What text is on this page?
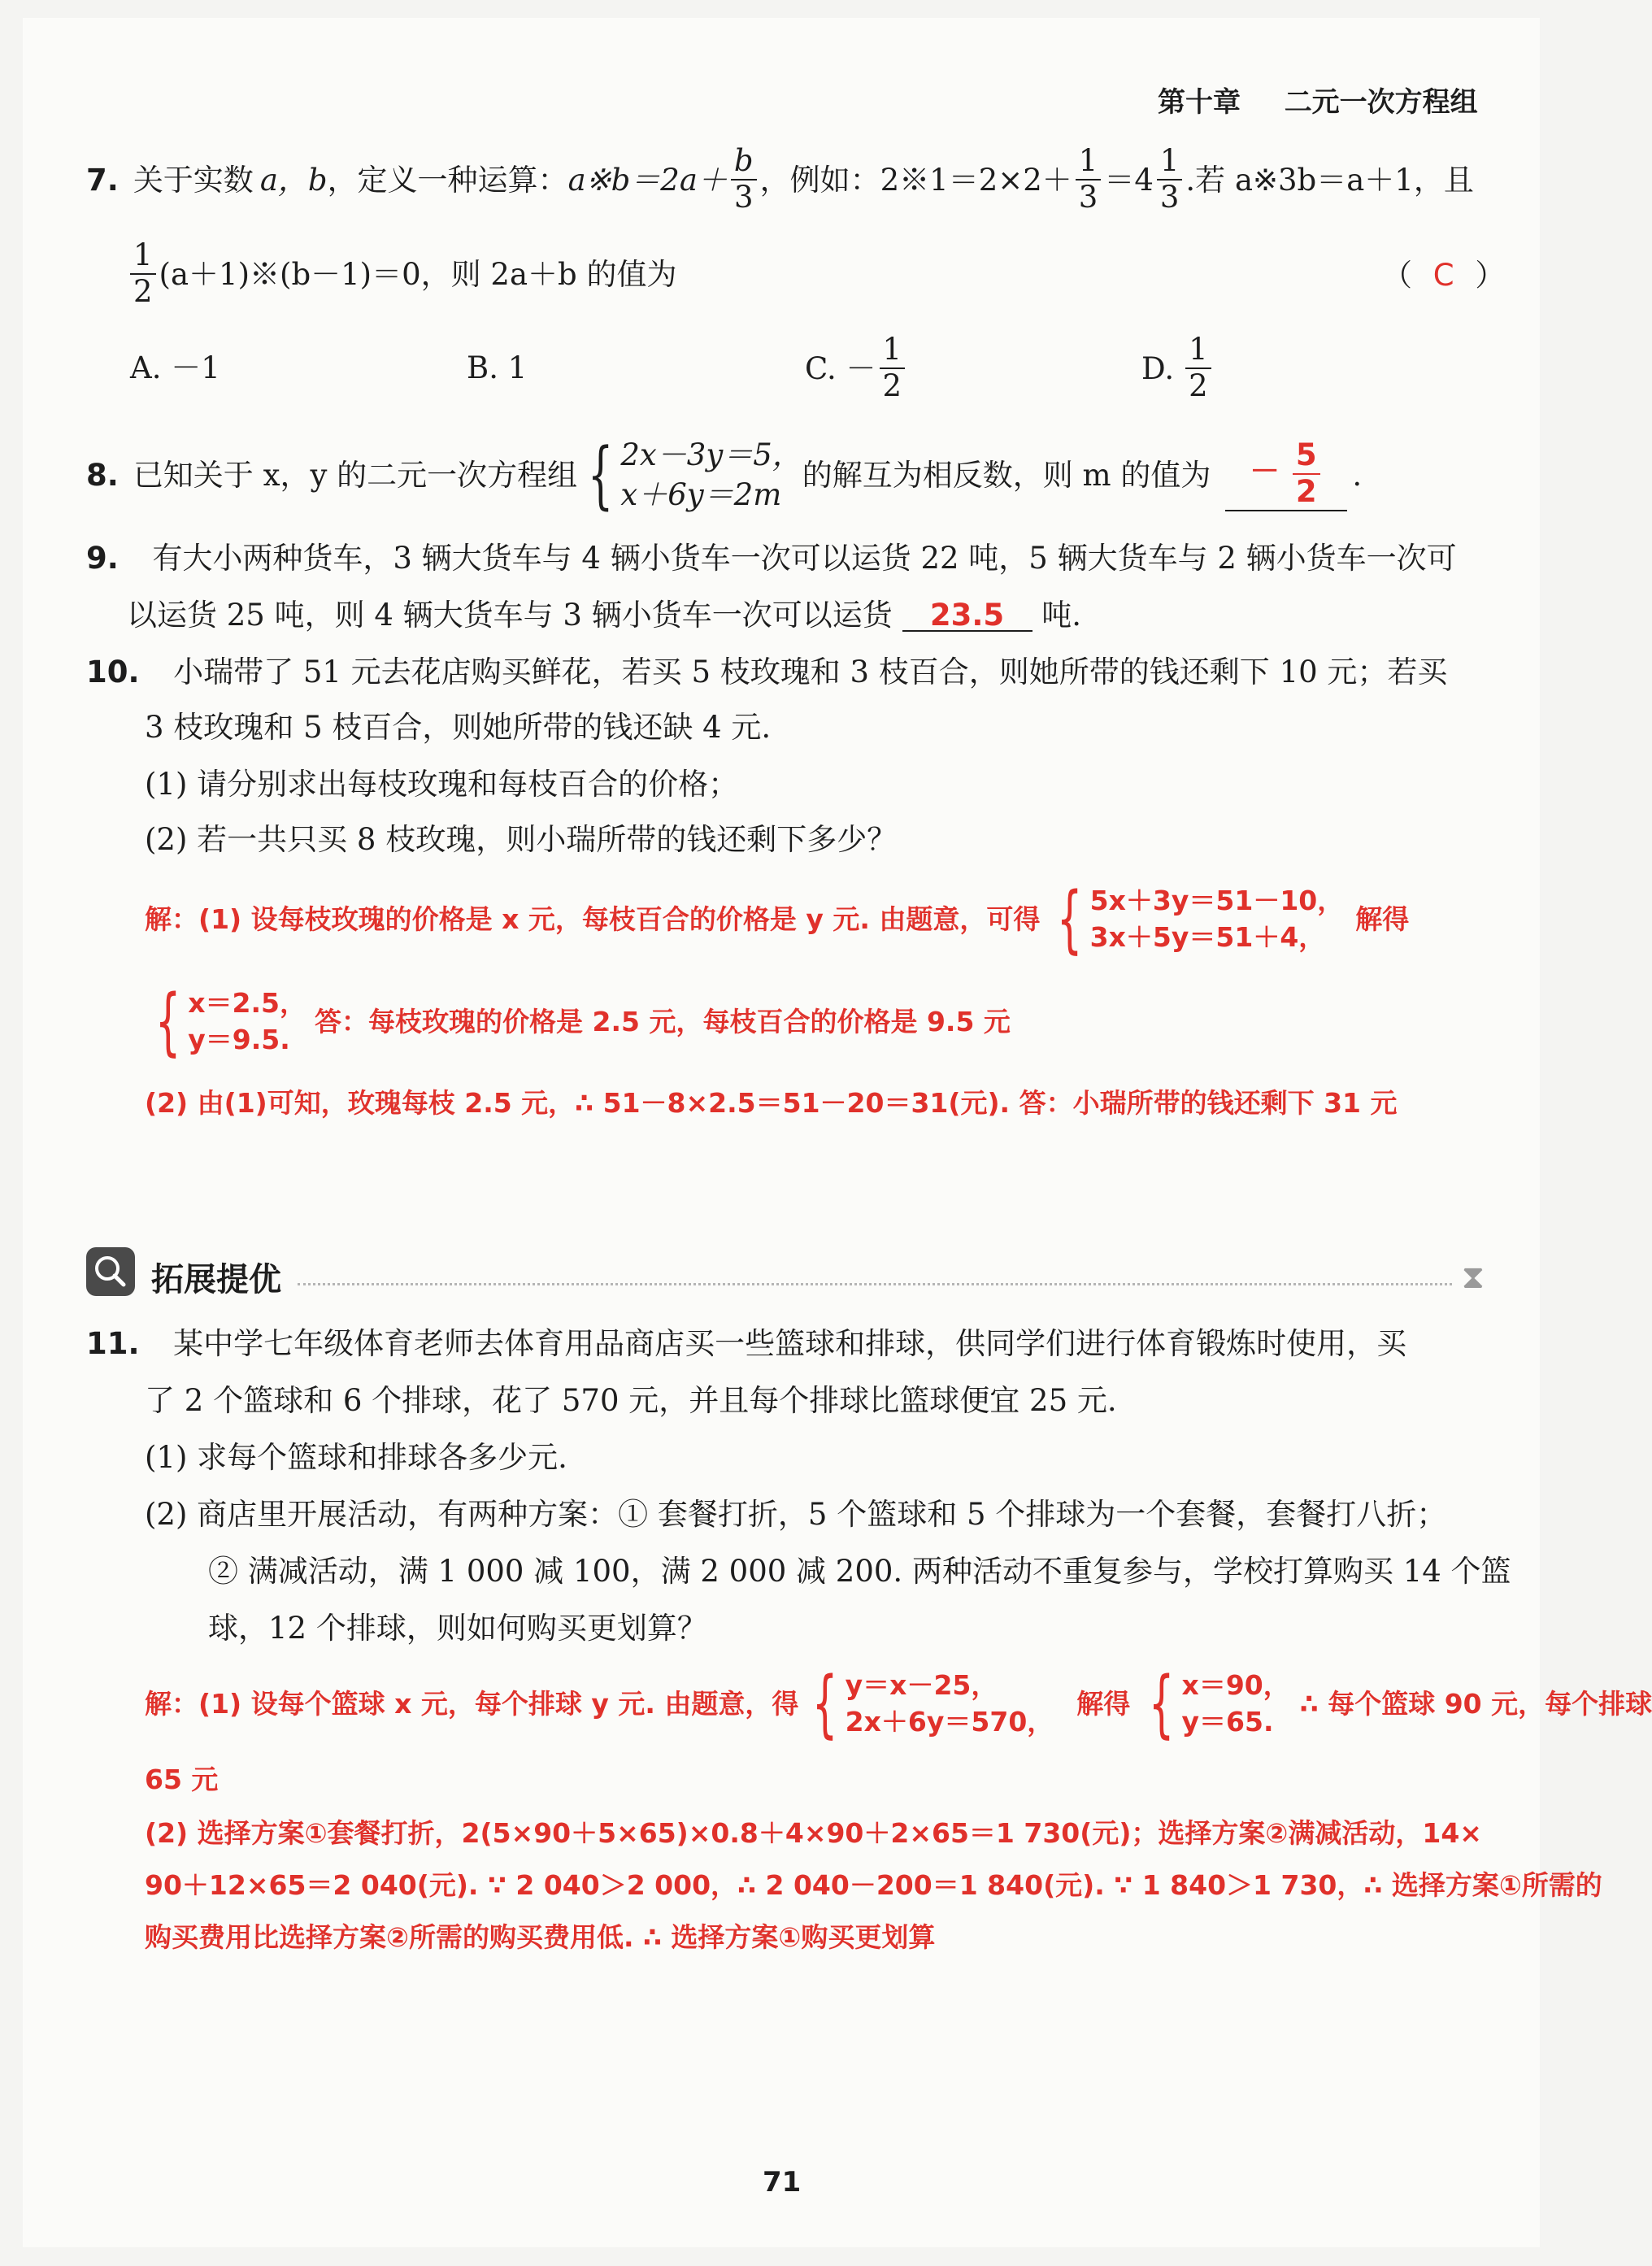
第十章 二元一次方程组
7. 关于实数 a，b ，定义一种运算： a※b＝2a＋ $\frac{b}{3}$ ，例如：2※1＝2×2＋ $\frac{1}{3} =4 \frac{1}{3}$ .若 a※3b＝a＋1，且
$\frac{1}{2}$ (a＋1)※(b－1)＝0，则 2a＋b 的值为	（ C ）
A. －1	B. 1	C. － $\frac{1}{2}$	D. $\frac{1}{2}$
8. 已知关于 x，y 的二元一次方程组 { 2x－3y＝5，
x＋6y＝2m
的解互为相反数，则 m 的值为	－ $\frac{5}{2}$ .
9. 有大小两种货车，3 辆大货车与 4 辆小货车一次可以运货 22 吨，5 辆大货车与 2 辆小货车一次可
以运货 25 吨，则 4 辆大货车与 3 辆小货车一次可以运货 23.5 吨.
10. 小瑞带了 51 元去花店购买鲜花，若买 5 枝玫瑰和 3 枝百合，则她所带的钱还剩下 10 元；若买
3 枝玫瑰和 5 枝百合，则她所带的钱还缺 4 元.
(1) 请分别求出每枝玫瑰和每枝百合的价格；
(2) 若一共只买 8 枝玫瑰，则小瑞所带的钱还剩下多少？
解：(1) 设每枝玫瑰的价格是 x 元，每枝百合的价格是 y 元. 由题意，可得 { 5x＋3y＝51－10，
3x＋5y＝51＋4，
解得
{ x＝2.5，
y＝9.5.
答：每枝玫瑰的价格是 2.5 元，每枝百合的价格是 9.5 元
(2) 由(1)可知，玫瑰每枝 2.5 元，∴ 51－8×2.5＝51－20＝31(元). 答：小瑞所带的钱还剩下 31 元
拓展提优	⧗
11. 某中学七年级体育老师去体育用品商店买一些篮球和排球，供同学们进行体育锻炼时使用，买
了 2 个篮球和 6 个排球，花了 570 元，并且每个排球比篮球便宜 25 元.
(1) 求每个篮球和排球各多少元.
(2) 商店里开展活动，有两种方案：① 套餐打折，5 个篮球和 5 个排球为一个套餐，套餐打八折；
② 满减活动，满 1 000 减 100，满 2 000 减 200. 两种活动不重复参与，学校打算购买 14 个篮
球，12 个排球，则如何购买更划算？
解：(1) 设每个篮球 x 元，每个排球 y 元. 由题意，得 { y＝x－25，
2x＋6y＝570，
解得 { x＝90，
y＝65.
∴ 每个篮球 90 元，每个排球
65 元
(2) 选择方案①套餐打折，2(5×90＋5×65)×0.8＋4×90＋2×65＝1 730(元)；选择方案②满减活动，14×
90＋12×65＝2 040(元). ∵ 2 040＞2 000，∴ 2 040－200＝1 840(元). ∵ 1 840＞1 730，∴ 选择方案①所需的
购买费用比选择方案②所需的购买费用低. ∴ 选择方案①购买更划算
71
